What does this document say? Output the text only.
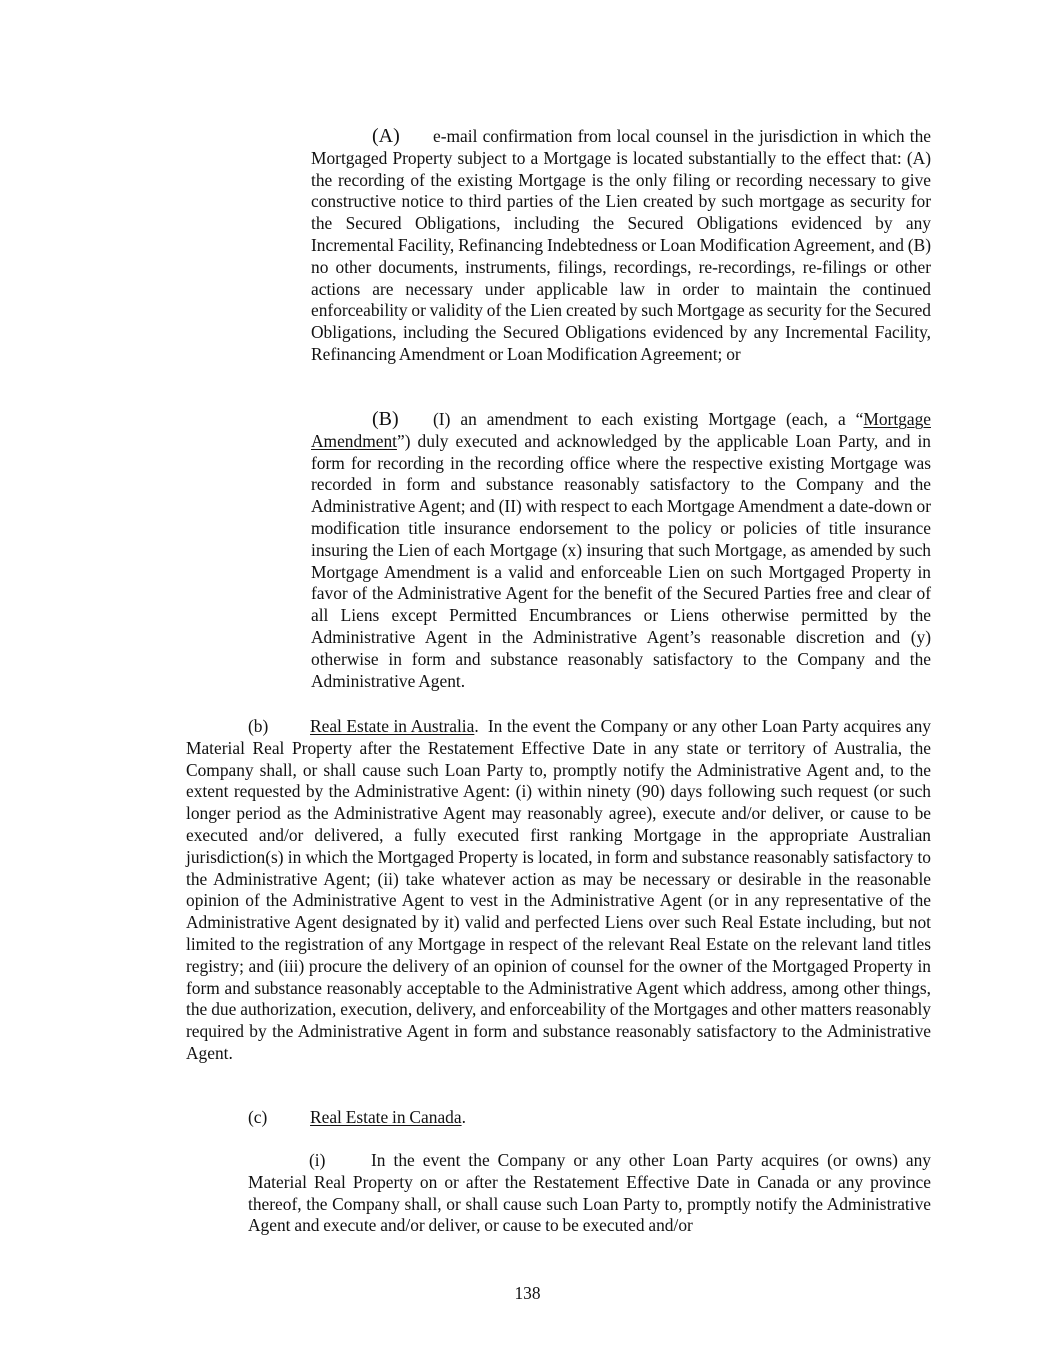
(A) e-mail confirmation from local counsel in the jurisdiction in which the Mortgaged Property subject to a Mortgage is located substantially to the effect that: (A) the recording of the existing Mortgage is the only filing or recording necessary to give constructive notice to third parties of the Lien created by such mortgage as security for the Secured Obligations, including the Secured Obligations evidenced by any Incremental Facility, Refinancing Indebtedness or Loan Modification Agreement, and (B) no other documents, instruments, filings, recordings, re-recordings, re-filings or other actions are necessary under applicable law in order to maintain the continued enforceability or validity of the Lien created by such Mortgage as security for the Secured Obligations, including the Secured Obligations evidenced by any Incremental Facility, Refinancing Amendment or Loan Modification Agreement; or

(B) (I) an amendment to each existing Mortgage (each, a “Mortgage Amendment”) duly executed and acknowledged by the applicable Loan Party, and in form for recording in the recording office where the respective existing Mortgage was recorded in form and substance reasonably satisfactory to the Company and the Administrative Agent; and (II) with respect to each Mortgage Amendment a date-down or modification title insurance endorsement to the policy or policies of title insurance insuring the Lien of each Mortgage (x) insuring that such Mortgage, as amended by such Mortgage Amendment is a valid and enforceable Lien on such Mortgaged Property in favor of the Administrative Agent for the benefit of the Secured Parties free and clear of all Liens except Permitted Encumbrances or Liens otherwise permitted by the Administrative Agent in the Administrative Agent’s reasonable discretion and (y) otherwise in form and substance reasonably satisfactory to the Company and the Administrative Agent.

(b) Real Estate in Australia. In the event the Company or any other Loan Party acquires any Material Real Property after the Restatement Effective Date in any state or territory of Australia, the Company shall, or shall cause such Loan Party to, promptly notify the Administrative Agent and, to the extent requested by the Administrative Agent: (i) within ninety (90) days following such request (or such longer period as the Administrative Agent may reasonably agree), execute and/or deliver, or cause to be executed and/or delivered, a fully executed first ranking Mortgage in the appropriate Australian jurisdiction(s) in which the Mortgaged Property is located, in form and substance reasonably satisfactory to the Administrative Agent; (ii) take whatever action as may be necessary or desirable in the reasonable opinion of the Administrative Agent to vest in the Administrative Agent (or in any representative of the Administrative Agent designated by it) valid and perfected Liens over such Real Estate including, but not limited to the registration of any Mortgage in respect of the relevant Real Estate on the relevant land titles registry; and (iii) procure the delivery of an opinion of counsel for the owner of the Mortgaged Property in form and substance reasonably acceptable to the Administrative Agent which address, among other things, the due authorization, execution, delivery, and enforceability of the Mortgages and other matters reasonably required by the Administrative Agent in form and substance reasonably satisfactory to the Administrative Agent.

(c) Real Estate in Canada.

(i)	In the event the Company or any other Loan Party acquires (or owns) any Material Real Property on or after the Restatement Effective Date in Canada or any province thereof, the Company shall, or shall cause such Loan Party to, promptly notify the Administrative Agent and execute and/or deliver, or cause to be executed and/or

138
